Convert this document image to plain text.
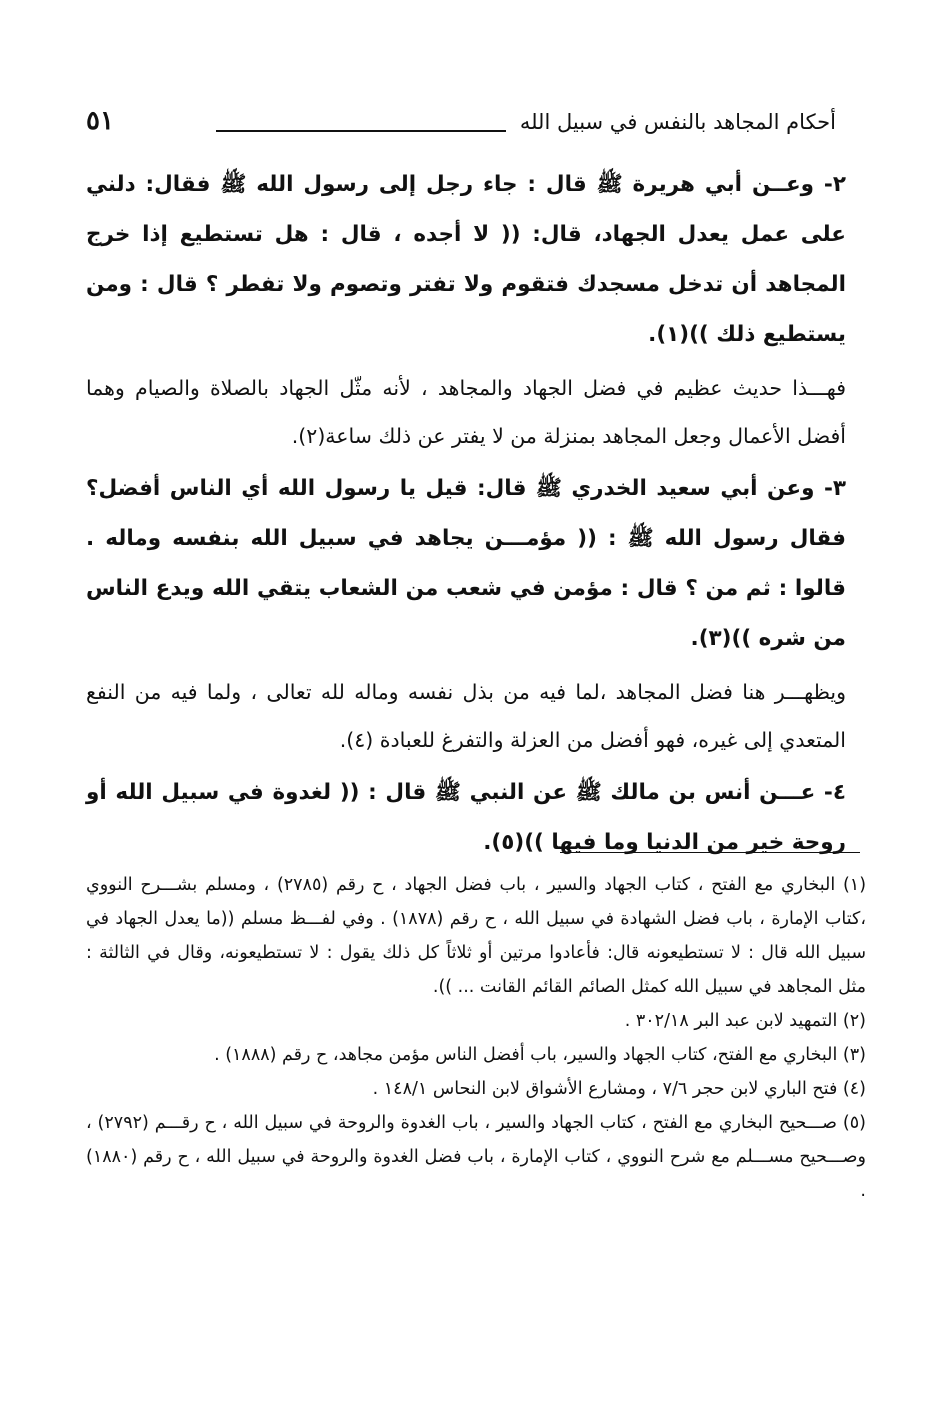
٥١	أحكام المجاهد بالنفس في سبيل الله

٢- وعــن أبي هريرة ﷺ قال : جاء رجل إلى رسول الله ﷺ فقال: دلني على عمل يعدل الجهاد، قال: (( لا أجده ، قال : هل تستطيع إذا خرج المجاهد أن تدخل مسجدك فتقوم ولا تفتر وتصوم ولا تفطر ؟ قال : ومن يستطيع ذلك ))(١).

فهـــذا حديث عظيم في فضل الجهاد والمجاهد ، لأنه مثّل الجهاد بالصلاة والصيام وهما أفضل الأعمال وجعل المجاهد بمنزلة من لا يفتر عن ذلك ساعة(٢).

٣- وعن أبي سعيد الخدري ﷺ قال: قيل يا رسول الله أي الناس أفضل؟ فقال رسول الله ﷺ : (( مؤمـــن يجاهد في سبيل الله بنفسه وماله . قالوا : ثم من ؟ قال : مؤمن في شعب من الشعاب يتقي الله ويدع الناس من شره ))(٣).

ويظهـــر هنا فضل المجاهد ،لما فيه من بذل نفسه وماله لله تعالى ، ولما فيه من النفع المتعدي إلى غيره، فهو أفضل من العزلة والتفرغ للعبادة (٤).

٤- عـــن أنس بن مالك ﷺ عن النبي ﷺ قال : (( لغدوة في سبيل الله أو روحة خير من الدنيا وما فيها ))(٥).

(١) البخاري مع الفتح ، كتاب الجهاد والسير ، باب فضل الجهاد ، ح رقم (٢٧٨٥) ، ومسلم بشـــرح النووي ،كتاب الإمارة ، باب فضل الشهادة في سبيل الله ، ح رقم (١٨٧٨) . وفي لفـــظ مسلم ((ما يعدل الجهاد في سبيل الله قال : لا تستطيعونه قال: فأعادوا مرتين أو ثلاثاً كل ذلك يقول : لا تستطيعونه، وقال في الثالثة : مثل المجاهد في سبيل الله كمثل الصائم القائم القانت ... )).

(٢) التمهيد لابن عبد البر ٣٠٢/١٨ .

(٣) البخاري مع الفتح، كتاب الجهاد والسير، باب أفضل الناس مؤمن مجاهد، ح رقم (١٨٨٨) .

(٤) فتح الباري لابن حجر ٧/٦ ، ومشارع الأشواق لابن النحاس ١٤٨/١ .

(٥) صـــحيح البخاري مع الفتح ، كتاب الجهاد والسير ، باب الغدوة والروحة في سبيل الله ، ح رقـــم (٢٧٩٢) ، وصـــحيح مســـلم مع شرح النووي ، كتاب الإمارة ، باب فضل الغدوة والروحة في سبيل الله ، ح رقم (١٨٨٠) .
